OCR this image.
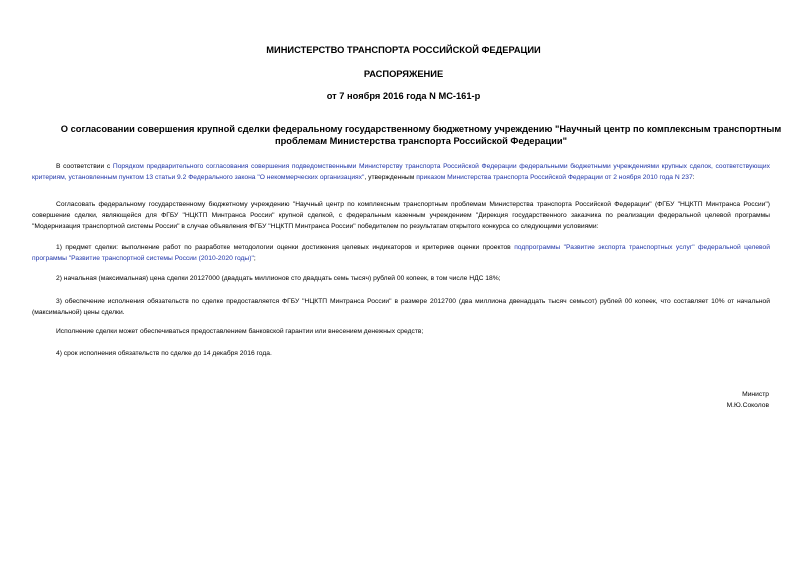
МИНИСТЕРСТВО ТРАНСПОРТА РОССИЙСКОЙ ФЕДЕРАЦИИ
РАСПОРЯЖЕНИЕ
от 7 ноября 2016 года N МС-161-р
О согласовании совершения крупной сделки федеральному государственному бюджетному учреждению "Научный центр по комплексным транспортным проблемам Министерства транспорта Российской Федерации"
В соответствии с Порядком предварительного согласования совершения подведомственными Министерству транспорта Российской Федерации федеральными бюджетными учреждениями крупных сделок, соответствующих критериям, установленным пунктом 13 статьи 9.2 Федерального закона "О некоммерческих организациях", утвержденным приказом Министерства транспорта Российской Федерации от 2 ноября 2010 года N 237:
Согласовать федеральному государственному бюджетному учреждению "Научный центр по комплексным транспортным проблемам Министерства транспорта Российской Федерации" (ФГБУ "НЦКТП Минтранса России") совершение сделки, являющейся для ФГБУ "НЦКТП Минтранса России" крупной сделкой, с федеральным казенным учреждением "Дирекция государственного заказчика по реализации федеральной целевой программы "Модернизация транспортной системы России" в случае объявления ФГБУ "НЦКТП Минтранса России" победителем по результатам открытого конкурса со следующими условиями:
1) предмет сделки: выполнение работ по разработке методологии оценки достижения целевых индикаторов и критериев оценки проектов подпрограммы "Развитие экспорта транспортных услуг" федеральной целевой программы "Развитие транспортной системы России (2010-2020 годы)";
2) начальная (максимальная) цена сделки 20127000 (двадцать миллионов сто двадцать семь тысяч) рублей 00 копеек, в том числе НДС 18%;
3) обеспечение исполнения обязательств по сделке предоставляется ФГБУ "НЦКТП Минтранса России" в размере 2012700 (два миллиона двенадцать тысяч семьсот) рублей 00 копеек, что составляет 10% от начальной (максимальной) цены сделки.
Исполнение сделки может обеспечиваться предоставлением банковской гарантии или внесением денежных средств;
4) срок исполнения обязательств по сделке до 14 декабря 2016 года.
Министр
М.Ю.Соколов
